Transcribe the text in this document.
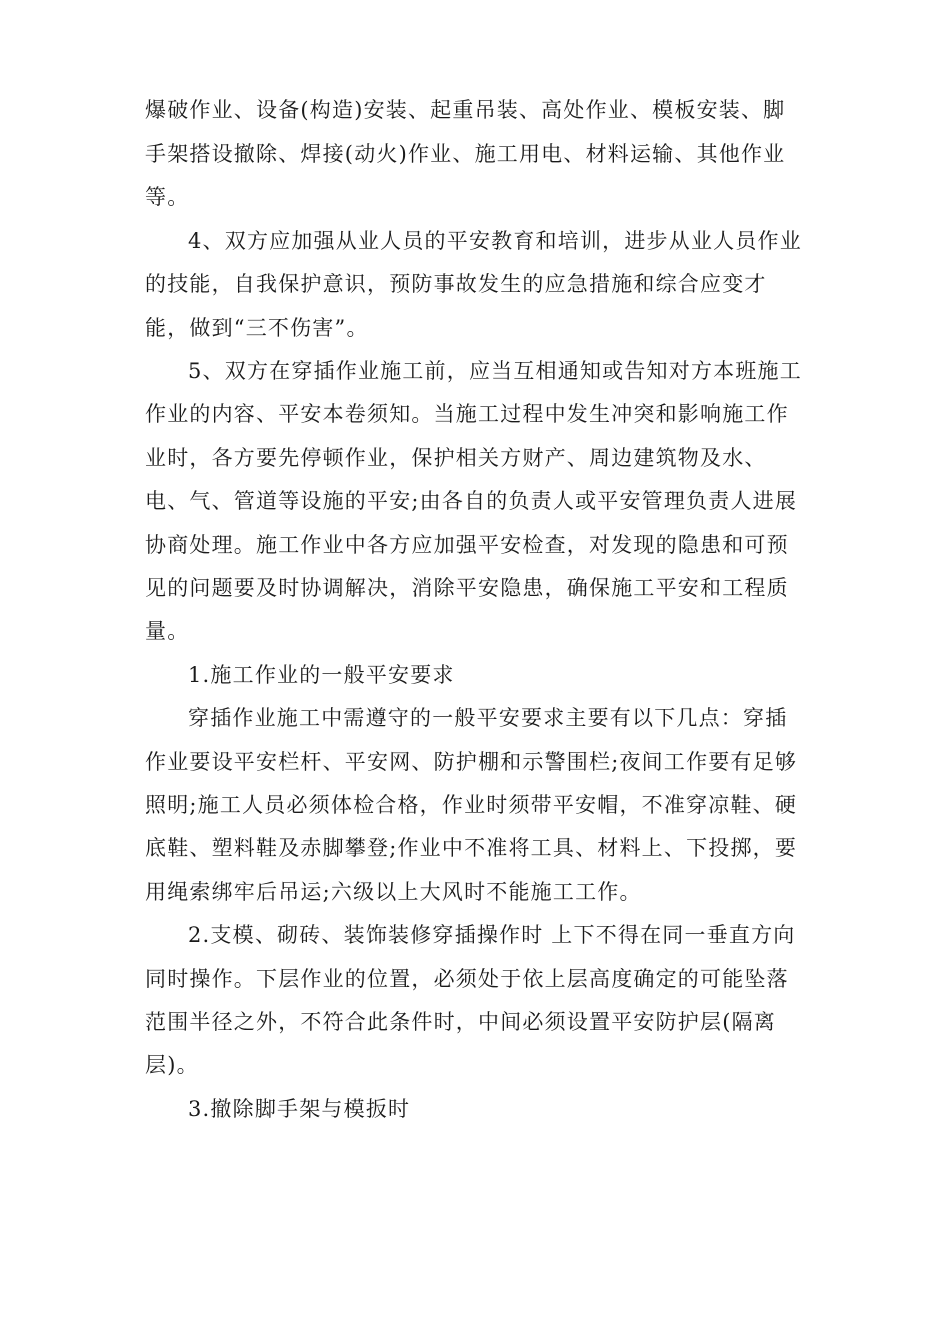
爆破作业、设备(构造)安装、起重吊装、高处作业、模板安装、脚
手架搭设撤除、焊接(动火)作业、施工用电、材料运输、其他作业
等。
4、双方应加强从业人员的平安教育和培训，进步从业人员作业
的技能，自我保护意识，预防事故发生的应急措施和综合应变才
能，做到“三不伤害”。
5、双方在穿插作业施工前，应当互相通知或告知对方本班施工
作业的内容、平安本卷须知。当施工过程中发生冲突和影响施工作
业时，各方要先停顿作业，保护相关方财产、周边建筑物及水、
电、气、管道等设施的平安;由各自的负责人或平安管理负责人进展
协商处理。施工作业中各方应加强平安检查，对发现的隐患和可预
见的问题要及时协调解决，消除平安隐患，确保施工平安和工程质
量。
1.施工作业的一般平安要求
穿插作业施工中需遵守的一般平安要求主要有以下几点：穿插
作业要设平安栏杆、平安网、防护棚和示警围栏;夜间工作要有足够
照明;施工人员必须体检合格，作业时须带平安帽，不准穿凉鞋、硬
底鞋、塑料鞋及赤脚攀登;作业中不准将工具、材料上、下投掷，要
用绳索绑牢后吊运;六级以上大风时不能施工工作。
2.支模、砌砖、装饰装修穿插操作时 上下不得在同一垂直方向
同时操作。下层作业的位置，必须处于依上层高度确定的可能坠落
范围半径之外，不符合此条件时，中间必须设置平安防护层(隔离
层)。
3.撤除脚手架与模扳时
